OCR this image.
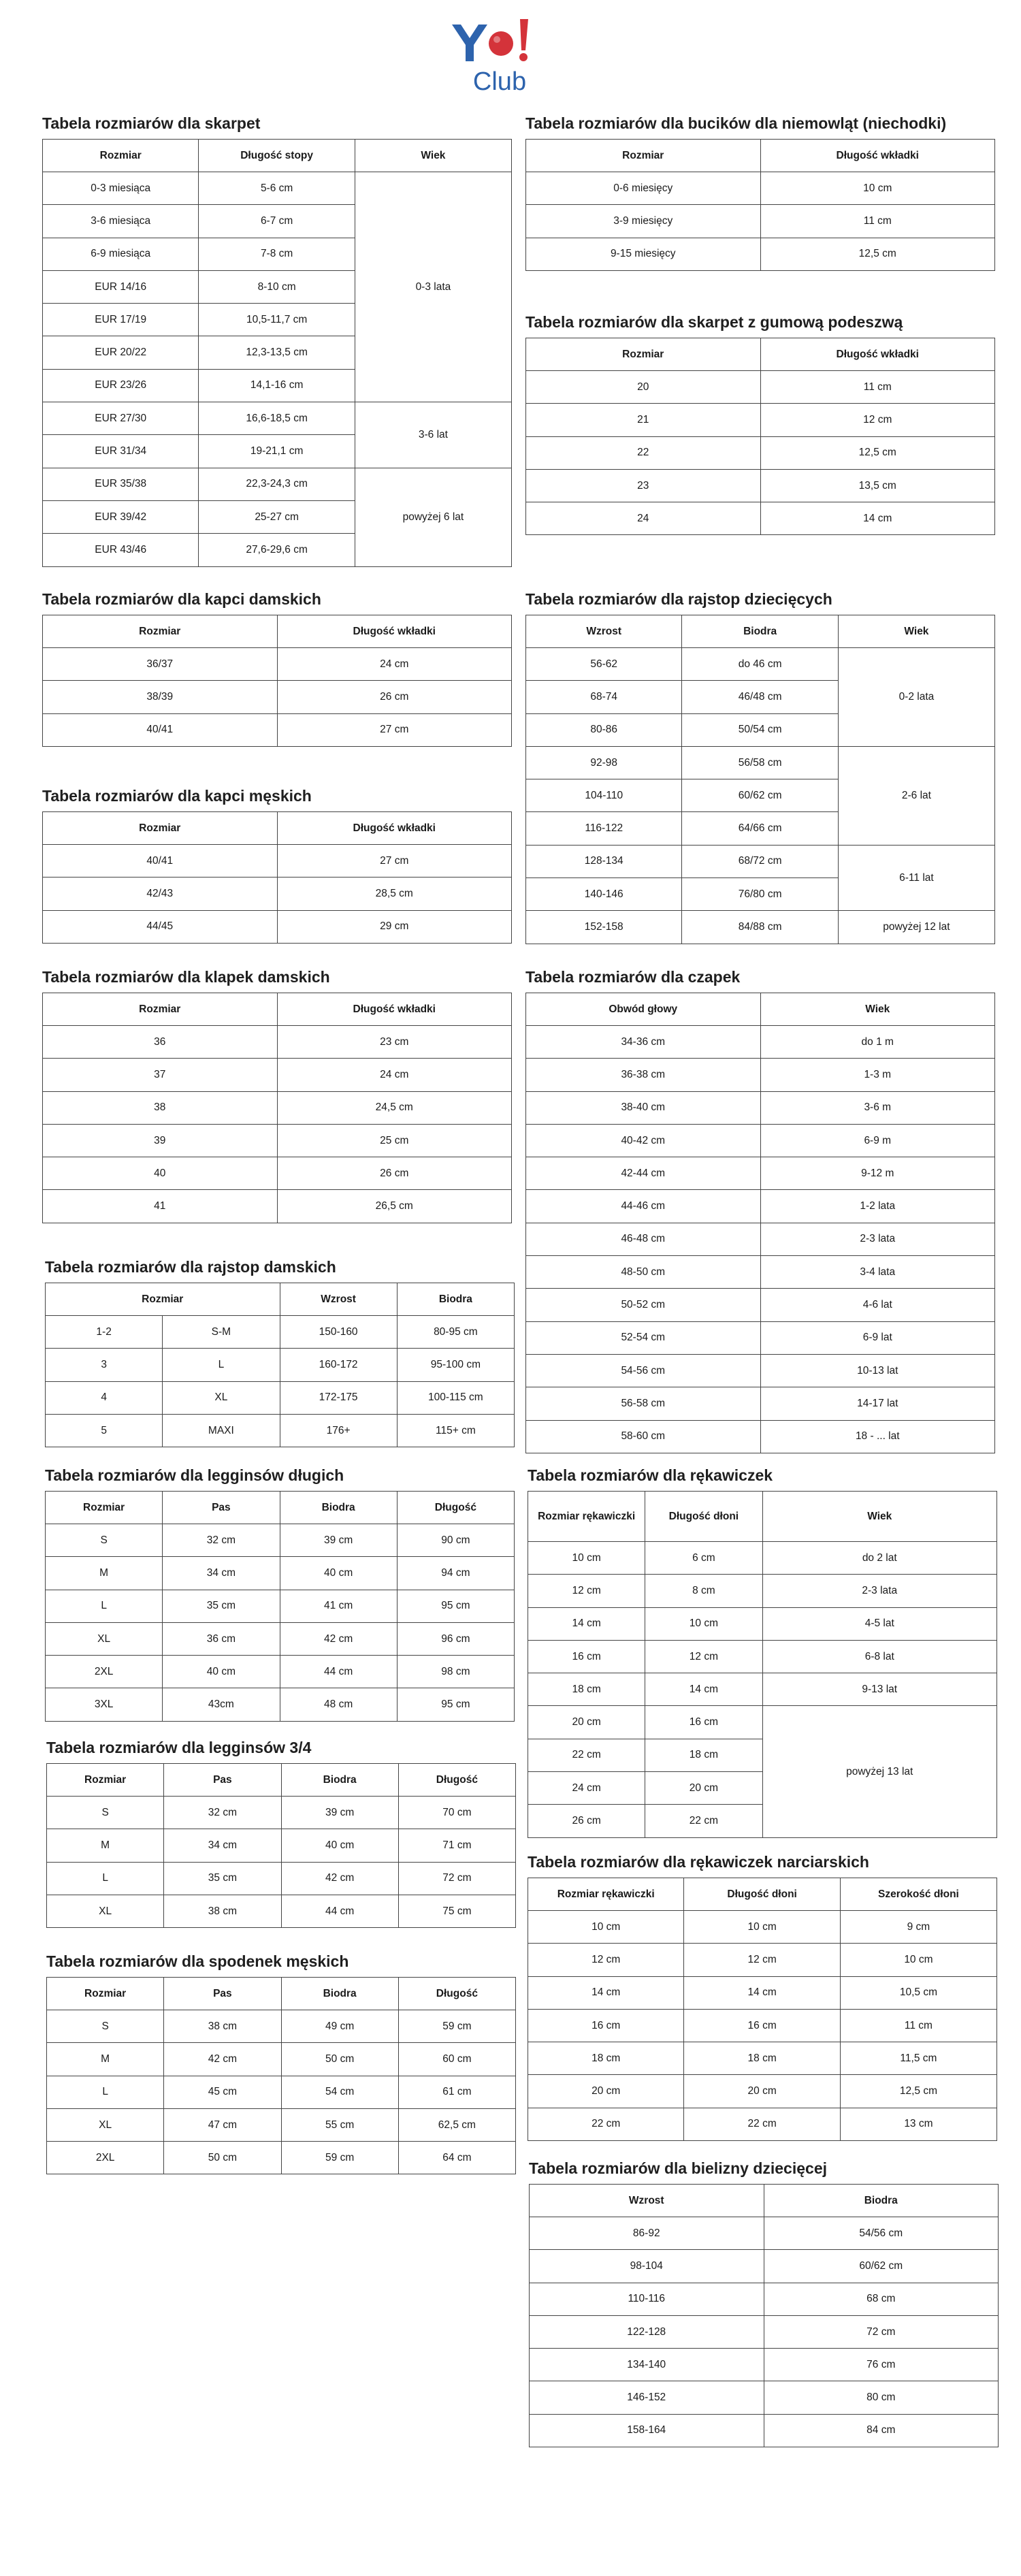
Club
Tabela rozmiarów dla skarpet
Rozmiar	Długość stopy	Wiek
0-3 miesiąca	5-6 cm	0-3 lata
3-6 miesiąca	6-7 cm	
6-9 miesiąca	7-8 cm	
EUR 14/16	8-10 cm	
EUR 17/19	10,5-11,7 cm	
EUR 20/22	12,3-13,5 cm	
EUR 23/26	14,1-16 cm	
EUR 27/30	16,6-18,5 cm	3-6 lat
EUR 31/34	19-21,1 cm	
EUR 35/38	22,3-24,3 cm	powyżej 6 lat
EUR 39/42	25-27 cm	
EUR 43/46	27,6-29,6 cm	
Tabela rozmiarów dla bucików dla niemowląt (niechodki)
Rozmiar	Długość wkładki
0-6 miesięcy	10 cm
3-9 miesięcy	11 cm
9-15 miesięcy	12,5 cm
Tabela rozmiarów dla skarpet z gumową podeszwą
Rozmiar	Długość wkładki
20	11 cm
21	12 cm
22	12,5 cm
23	13,5 cm
24	14 cm
Tabela rozmiarów dla kapci damskich
Rozmiar	Długość wkładki
36/37	24 cm
38/39	26 cm
40/41	27 cm
Tabela rozmiarów dla rajstop dziecięcych
Wzrost	Biodra	Wiek
56-62	do 46 cm	0-2 lata
68-74	46/48 cm	
80-86	50/54 cm	
92-98	56/58 cm	2-6 lat
104-110	60/62 cm	
116-122	64/66 cm	
128-134	68/72 cm	6-11 lat
140-146	76/80 cm	
152-158	84/88 cm	powyżej 12 lat
Tabela rozmiarów dla kapci męskich
Rozmiar	Długość wkładki
40/41	27 cm
42/43	28,5 cm
44/45	29 cm
Tabela rozmiarów dla klapek damskich
Rozmiar	Długość wkładki
36	23 cm
37	24 cm
38	24,5 cm
39	25 cm
40	26 cm
41	26,5 cm
Tabela rozmiarów dla czapek
Obwód głowy	Wiek
34-36 cm	do 1 m
36-38 cm	1-3 m
38-40 cm	3-6 m
40-42 cm	6-9 m
42-44 cm	9-12 m
44-46 cm	1-2 lata
46-48 cm	2-3 lata
48-50 cm	3-4 lata
50-52 cm	4-6 lat
52-54 cm	6-9 lat
54-56 cm	10-13 lat
56-58 cm	14-17 lat
58-60 cm	18 - ... lat
Tabela rozmiarów dla rajstop damskich
Rozmiar		Wzrost	Biodra
1-2	S-M	150-160	80-95 cm
3	L	160-172	95-100 cm
4	XL	172-175	100-115 cm
5	MAXI	176+	115+ cm
Tabela rozmiarów dla legginsów długich
Rozmiar	Pas	Biodra	Długość
S	32 cm	39 cm	90 cm
M	34 cm	40 cm	94 cm
L	35 cm	41 cm	95 cm
XL	36 cm	42 cm	96 cm
2XL	40 cm	44 cm	98 cm
3XL	43cm	48 cm	95 cm
Tabela rozmiarów dla rękawiczek
Rozmiar rękawiczki	Długość dłoni	Wiek
10 cm	6 cm	do 2 lat
12 cm	8 cm	2-3 lata
14 cm	10 cm	4-5 lat
16 cm	12 cm	6-8 lat
18 cm	14 cm	9-13 lat
20 cm	16 cm	powyżej 13 lat
22 cm	18 cm	
24 cm	20 cm	
26 cm	22 cm	
Tabela rozmiarów dla legginsów 3/4
Rozmiar	Pas	Biodra	Długość
S	32 cm	39 cm	70 cm
M	34 cm	40 cm	71 cm
L	35 cm	42 cm	72 cm
XL	38 cm	44 cm	75 cm
Tabela rozmiarów dla rękawiczek narciarskich
Rozmiar rękawiczki	Długość dłoni	Szerokość dłoni
10 cm	10 cm	9 cm
12 cm	12 cm	10 cm
14 cm	14 cm	10,5 cm
16 cm	16 cm	11 cm
18 cm	18 cm	11,5 cm
20 cm	20 cm	12,5 cm
22 cm	22 cm	13 cm
Tabela rozmiarów dla spodenek męskich
Rozmiar	Pas	Biodra	Długość
S	38 cm	49 cm	59 cm
M	42 cm	50 cm	60 cm
L	45 cm	54 cm	61 cm
XL	47 cm	55 cm	62,5 cm
2XL	50 cm	59 cm	64 cm
Tabela rozmiarów dla bielizny dziecięcej
Wzrost	Biodra
86-92	54/56 cm
98-104	60/62 cm
110-116	68 cm
122-128	72 cm
134-140	76 cm
146-152	80 cm
158-164	84 cm
